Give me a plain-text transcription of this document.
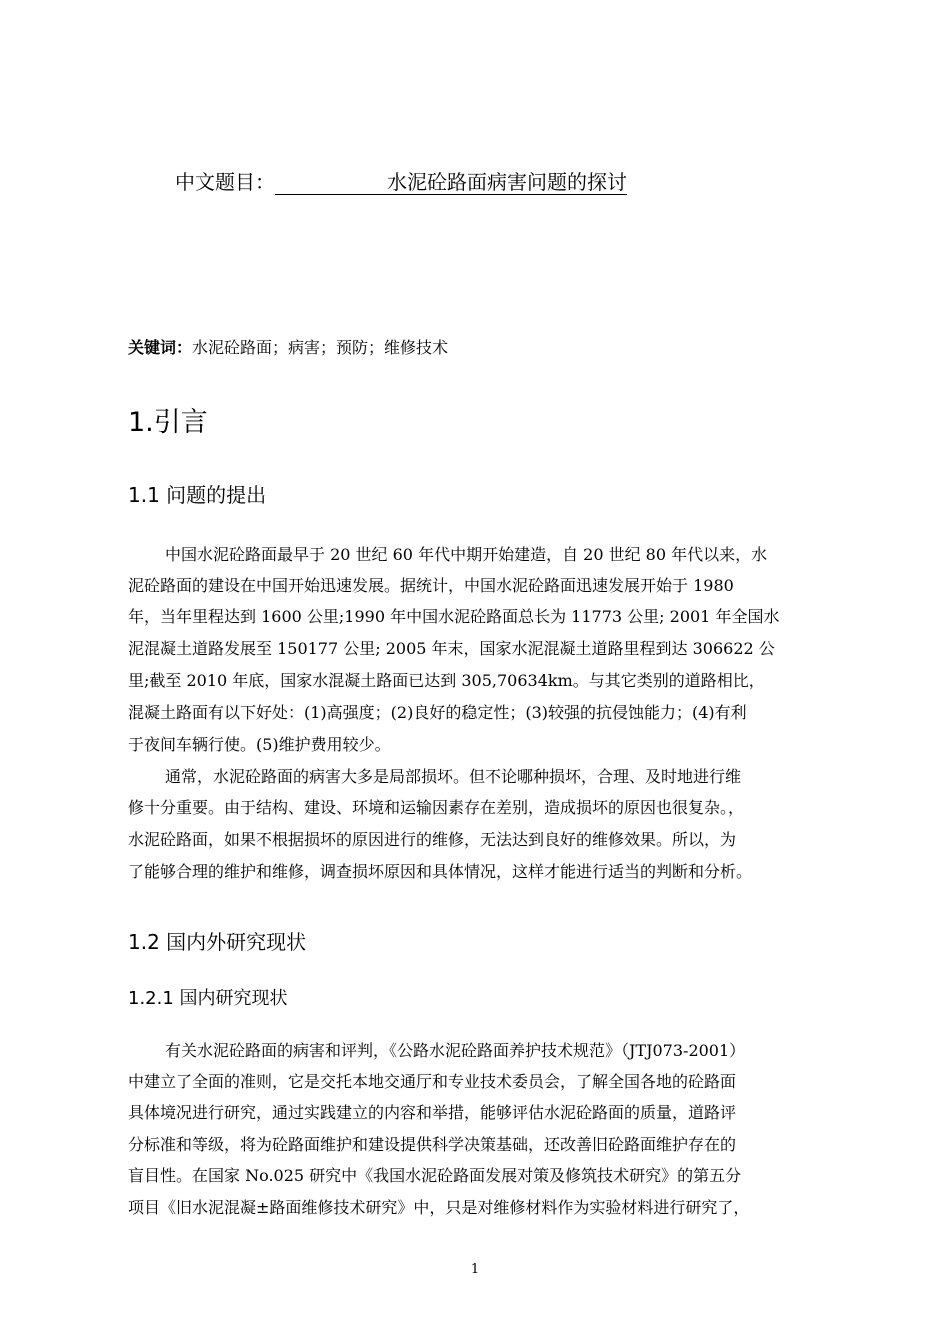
中文题目：	水泥砼路面病害问题的探讨
关键词：水泥砼路面；病害；预防；维修技术
1.引言
1.1 问题的提出
中国水泥砼路面最早于 20 世纪 60 年代中期开始建造，自 20 世纪 80 年代以来，水
泥砼路面的建设在中国开始迅速发展。据统计，中国水泥砼路面迅速发展开始于 1980
年，当年里程达到 1600 公里;1990 年中国水泥砼路面总长为 11773 公里; 2001 年全国水
泥混凝土道路发展至 150177 公里; 2005 年末，国家水泥混凝土道路里程到达 306622 公
里;截至 2010 年底，国家水混凝土路面已达到 305,70634km。与其它类别的道路相比，
混凝土路面有以下好处：(1)高强度；(2)良好的稳定性；(3)较强的抗侵蚀能力；(4)有利
于夜间车辆行使。(5)维护费用较少。
通常，水泥砼路面的病害大多是局部损坏。但不论哪种损坏，合理、及时地进行维
修十分重要。由于结构、建设、环境和运输因素存在差别，造成损坏的原因也很复杂。，
水泥砼路面，如果不根据损坏的原因进行的维修，无法达到良好的维修效果。所以，为
了能够合理的维护和维修，调查损坏原因和具体情况，这样才能进行适当的判断和分析。
1.2 国内外研究现状
1.2.1 国内研究现状
有关水泥砼路面的病害和评判，《公路水泥砼路面养护技术规范》（JTJ073-2001）
中建立了全面的准则，它是交托本地交通厅和专业技术委员会，了解全国各地的砼路面
具体境况进行研究，通过实践建立的内容和举措，能够评估水泥砼路面的质量，道路评
分标准和等级，将为砼路面维护和建设提供科学决策基础，还改善旧砼路面维护存在的
盲目性。在国家 No.025 研究中《我国水泥砼路面发展对策及修筑技术研究》的第五分
项目《旧水泥混凝±路面维修技术研究》中，只是对维修材料作为实验材料进行研究了，
1
